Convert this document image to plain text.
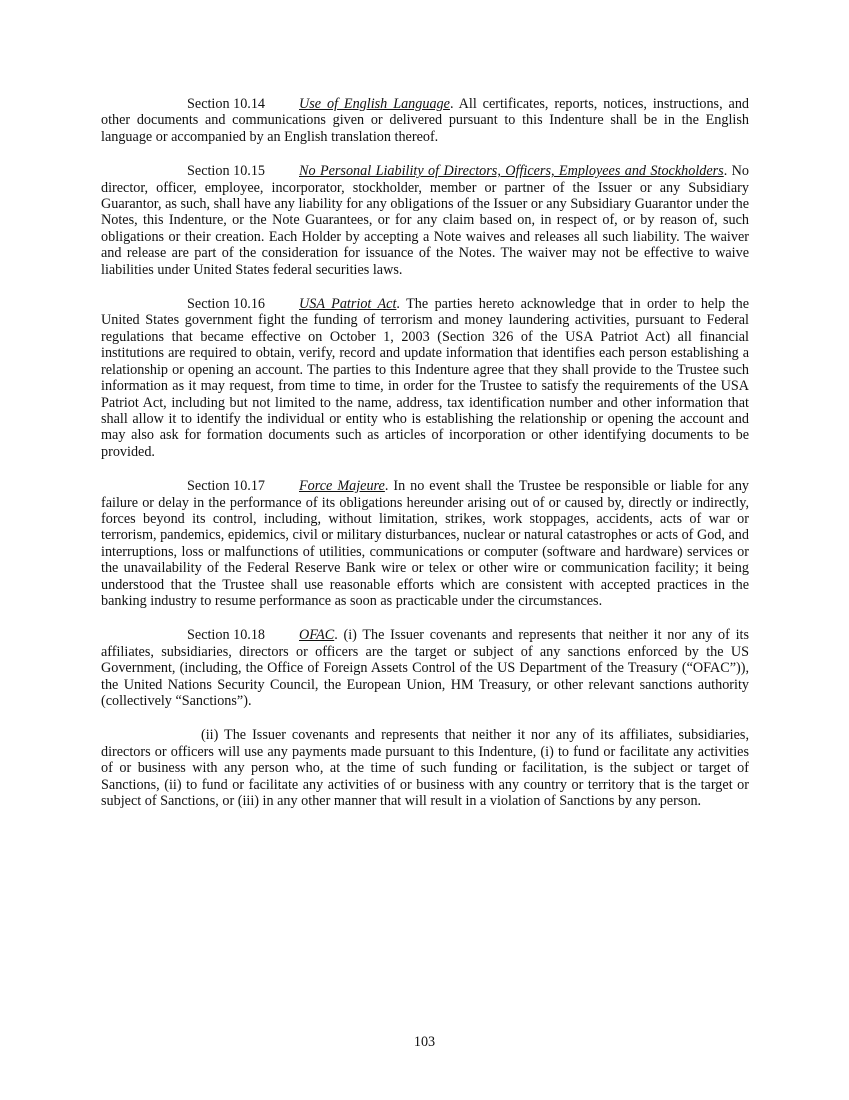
Section 10.14 Use of English Language. All certificates, reports, notices, instructions, and other documents and communications given or delivered pursuant to this Indenture shall be in the English language or accompanied by an English translation thereof.

Section 10.15 No Personal Liability of Directors, Officers, Employees and Stockholders. No director, officer, employee, incorporator, stockholder, member or partner of the Issuer or any Subsidiary Guarantor, as such, shall have any liability for any obligations of the Issuer or any Subsidiary Guarantor under the Notes, this Indenture, or the Note Guarantees, or for any claim based on, in respect of, or by reason of, such obligations or their creation. Each Holder by accepting a Note waives and releases all such liability. The waiver and release are part of the consideration for issuance of the Notes. The waiver may not be effective to waive liabilities under United States federal securities laws.

Section 10.16 USA Patriot Act. The parties hereto acknowledge that in order to help the United States government fight the funding of terrorism and money laundering activities, pursuant to Federal regulations that became effective on October 1, 2003 (Section 326 of the USA Patriot Act) all financial institutions are required to obtain, verify, record and update information that identifies each person establishing a relationship or opening an account. The parties to this Indenture agree that they shall provide to the Trustee such information as it may request, from time to time, in order for the Trustee to satisfy the requirements of the USA Patriot Act, including but not limited to the name, address, tax identification number and other information that shall allow it to identify the individual or entity who is establishing the relationship or opening the account and may also ask for formation documents such as articles of incorporation or other identifying documents to be provided.

Section 10.17 Force Majeure. In no event shall the Trustee be responsible or liable for any failure or delay in the performance of its obligations hereunder arising out of or caused by, directly or indirectly, forces beyond its control, including, without limitation, strikes, work stoppages, accidents, acts of war or terrorism, pandemics, epidemics, civil or military disturbances, nuclear or natural catastrophes or acts of God, and interruptions, loss or malfunctions of utilities, communications or computer (software and hardware) services or the unavailability of the Federal Reserve Bank wire or telex or other wire or communication facility; it being understood that the Trustee shall use reasonable efforts which are consistent with accepted practices in the banking industry to resume performance as soon as practicable under the circumstances.

Section 10.18 OFAC. (i) The Issuer covenants and represents that neither it nor any of its affiliates, subsidiaries, directors or officers are the target or subject of any sanctions enforced by the US Government, (including, the Office of Foreign Assets Control of the US Department of the Treasury (“OFAC”)), the United Nations Security Council, the European Union, HM Treasury, or other relevant sanctions authority (collectively “Sanctions”).

(ii) The Issuer covenants and represents that neither it nor any of its affiliates, subsidiaries, directors or officers will use any payments made pursuant to this Indenture, (i) to fund or facilitate any activities of or business with any person who, at the time of such funding or facilitation, is the subject or target of Sanctions, (ii) to fund or facilitate any activities of or business with any country or territory that is the target or subject of Sanctions, or (iii) in any other manner that will result in a violation of Sanctions by any person.

103
